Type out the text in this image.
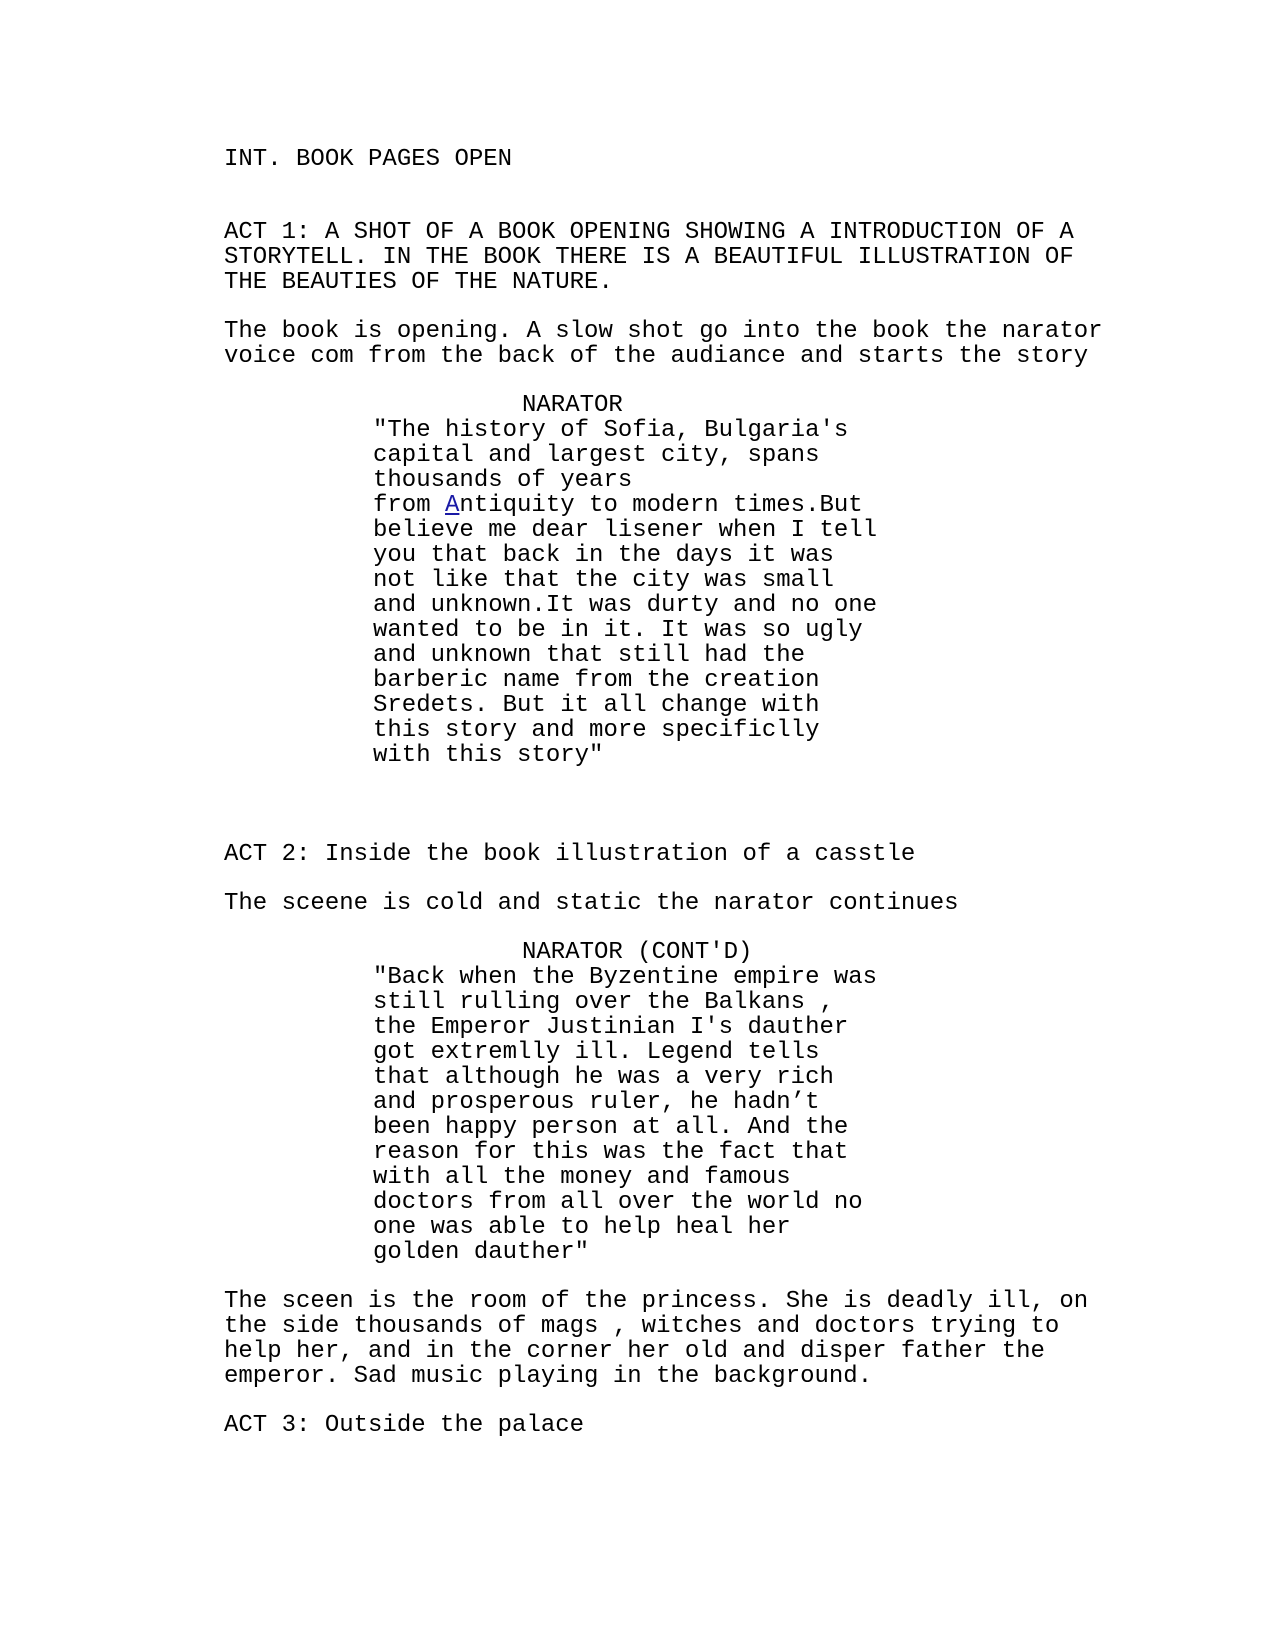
INT. BOOK PAGES OPEN

ACT 1: A SHOT OF A BOOK OPENING SHOWING A INTRODUCTION OF A

STORYTELL. IN THE BOOK THERE IS A BEAUTIFUL ILLUSTRATION OF

THE BEAUTIES OF THE NATURE.

The book is opening. A slow shot go into the book the narator

voice com from the back of the audiance and starts the story

NARATOR

"The history of Sofia, Bulgaria's

capital and largest city, spans

thousands of years

from Antiquity to modern times.But

believe me dear lisener when I tell

you that back in the days it was

not like that the city was small

and unknown.It was durty and no one

wanted to be in it. It was so ugly

and unknown that still had the

barberic name from the creation

Sredets. But it all change with

this story and more specificlly

with this story"

ACT 2: Inside the book illustration of a casstle

The sceene is cold and static the narator continues

NARATOR (CONT'D)

"Back when the Byzentine empire was

still rulling over the Balkans ,

the Emperor Justinian I's dauther

got extremlly ill. Legend tells

that although he was a very rich

and prosperous ruler, he hadn’t

been happy person at all. And the

reason for this was the fact that

with all the money and famous

doctors from all over the world no

one was able to help heal her

golden dauther"

The sceen is the room of the princess. She is deadly ill, on

the side thousands of mags , witches and doctors trying to

help her, and in the corner her old and disper father the

emperor. Sad music playing in the background.

ACT 3: Outside the palace
